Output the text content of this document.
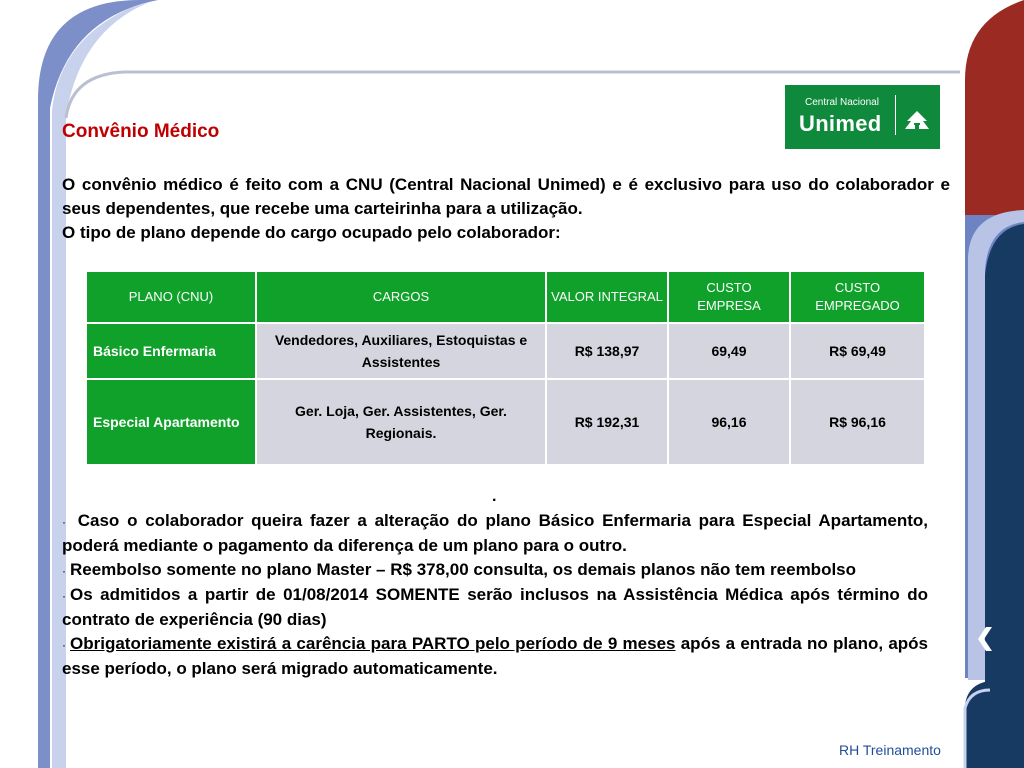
Convênio Médico
Central Nacional
Unimed

O convênio médico é feito com a CNU (Central Nacional Unimed) e é exclusivo para uso do colaborador e seus dependentes, que recebe uma carteirinha para a utilização.

O tipo de plano depende do cargo ocupado pelo colaborador:

PLANO (CNU)	CARGOS	VALOR INTEGRAL	CUSTO EMPRESA	CUSTO EMPREGADO
Básico Enfermaria	Vendedores, Auxiliares, Estoquistas e Assistentes	R$ 138,97	69,49	R$ 69,49
Especial Apartamento	Ger. Loja, Ger. Assistentes, Ger. Regionais.	R$ 192,31	96,16	R$ 96,16
.

· Caso o colaborador queira fazer a alteração do plano Básico Enfermaria para Especial Apartamento, poderá mediante o pagamento da diferença de um plano para o outro.

· Reembolso somente no plano Master – R$ 378,00 consulta, os demais planos não tem reembolso

· Os admitidos a partir de 01/08/2014 SOMENTE serão inclusos na Assistência Médica após término do contrato de experiência (90 dias)

· Obrigatoriamente existirá a carência para PARTO pelo período de 9 meses após a entrada no plano, após esse período, o plano será migrado automaticamente.

RH Treinamento
